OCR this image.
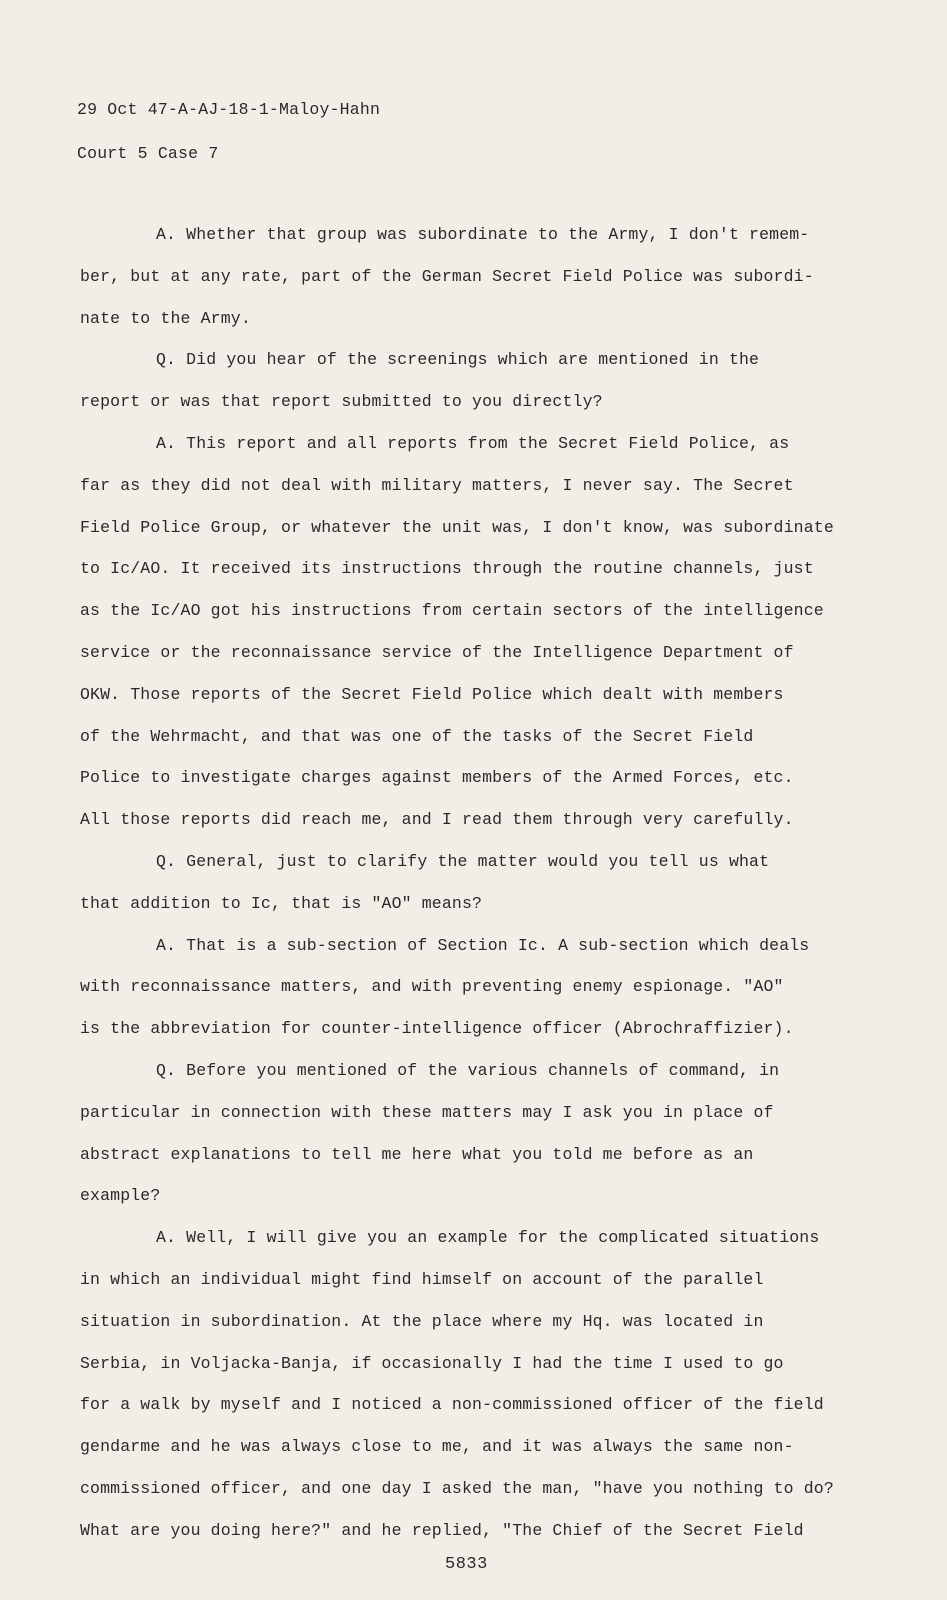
29 Oct 47-A-AJ-18-1-Maloy-Hahn
Court 5 Case 7
A. Whether that group was subordinate to the Army, I don't remem-
ber, but at any rate, part of the German Secret Field Police was subordi-
nate to the Army.
Q. Did you hear of the screenings which are mentioned in the
report or was that report submitted to you directly?
A. This report and all reports from the Secret Field Police, as
far as they did not deal with military matters, I never say. The Secret
Field Police Group, or whatever the unit was, I don't know, was subordinate
to Ic/AO. It received its instructions through the routine channels, just
as the Ic/AO got his instructions from certain sectors of the intelligence
service or the reconnaissance service of the Intelligence Department of
OKW. Those reports of the Secret Field Police which dealt with members
of the Wehrmacht, and that was one of the tasks of the Secret Field
Police to investigate charges against members of the Armed Forces, etc.
All those reports did reach me, and I read them through very carefully.
Q. General, just to clarify the matter would you tell us what
that addition to Ic, that is "AO" means?
A. That is a sub-section of Section Ic. A sub-section which deals
with reconnaissance matters, and with preventing enemy espionage. "AO"
is the abbreviation for counter-intelligence officer (Abrochraffizier).
Q. Before you mentioned of the various channels of command, in
particular in connection with these matters may I ask you in place of
abstract explanations to tell me here what you told me before as an
example?
A. Well, I will give you an example for the complicated situations
in which an individual might find himself on account of the parallel
situation in subordination. At the place where my Hq. was located in
Serbia, in Voljacka-Banja, if occasionally I had the time I used to go
for a walk by myself and I noticed a non-commissioned officer of the field
gendarme and he was always close to me, and it was always the same non-
commissioned officer, and one day I asked the man, "have you nothing to do?
What are you doing here?" and he replied, "The Chief of the Secret Field
5833
